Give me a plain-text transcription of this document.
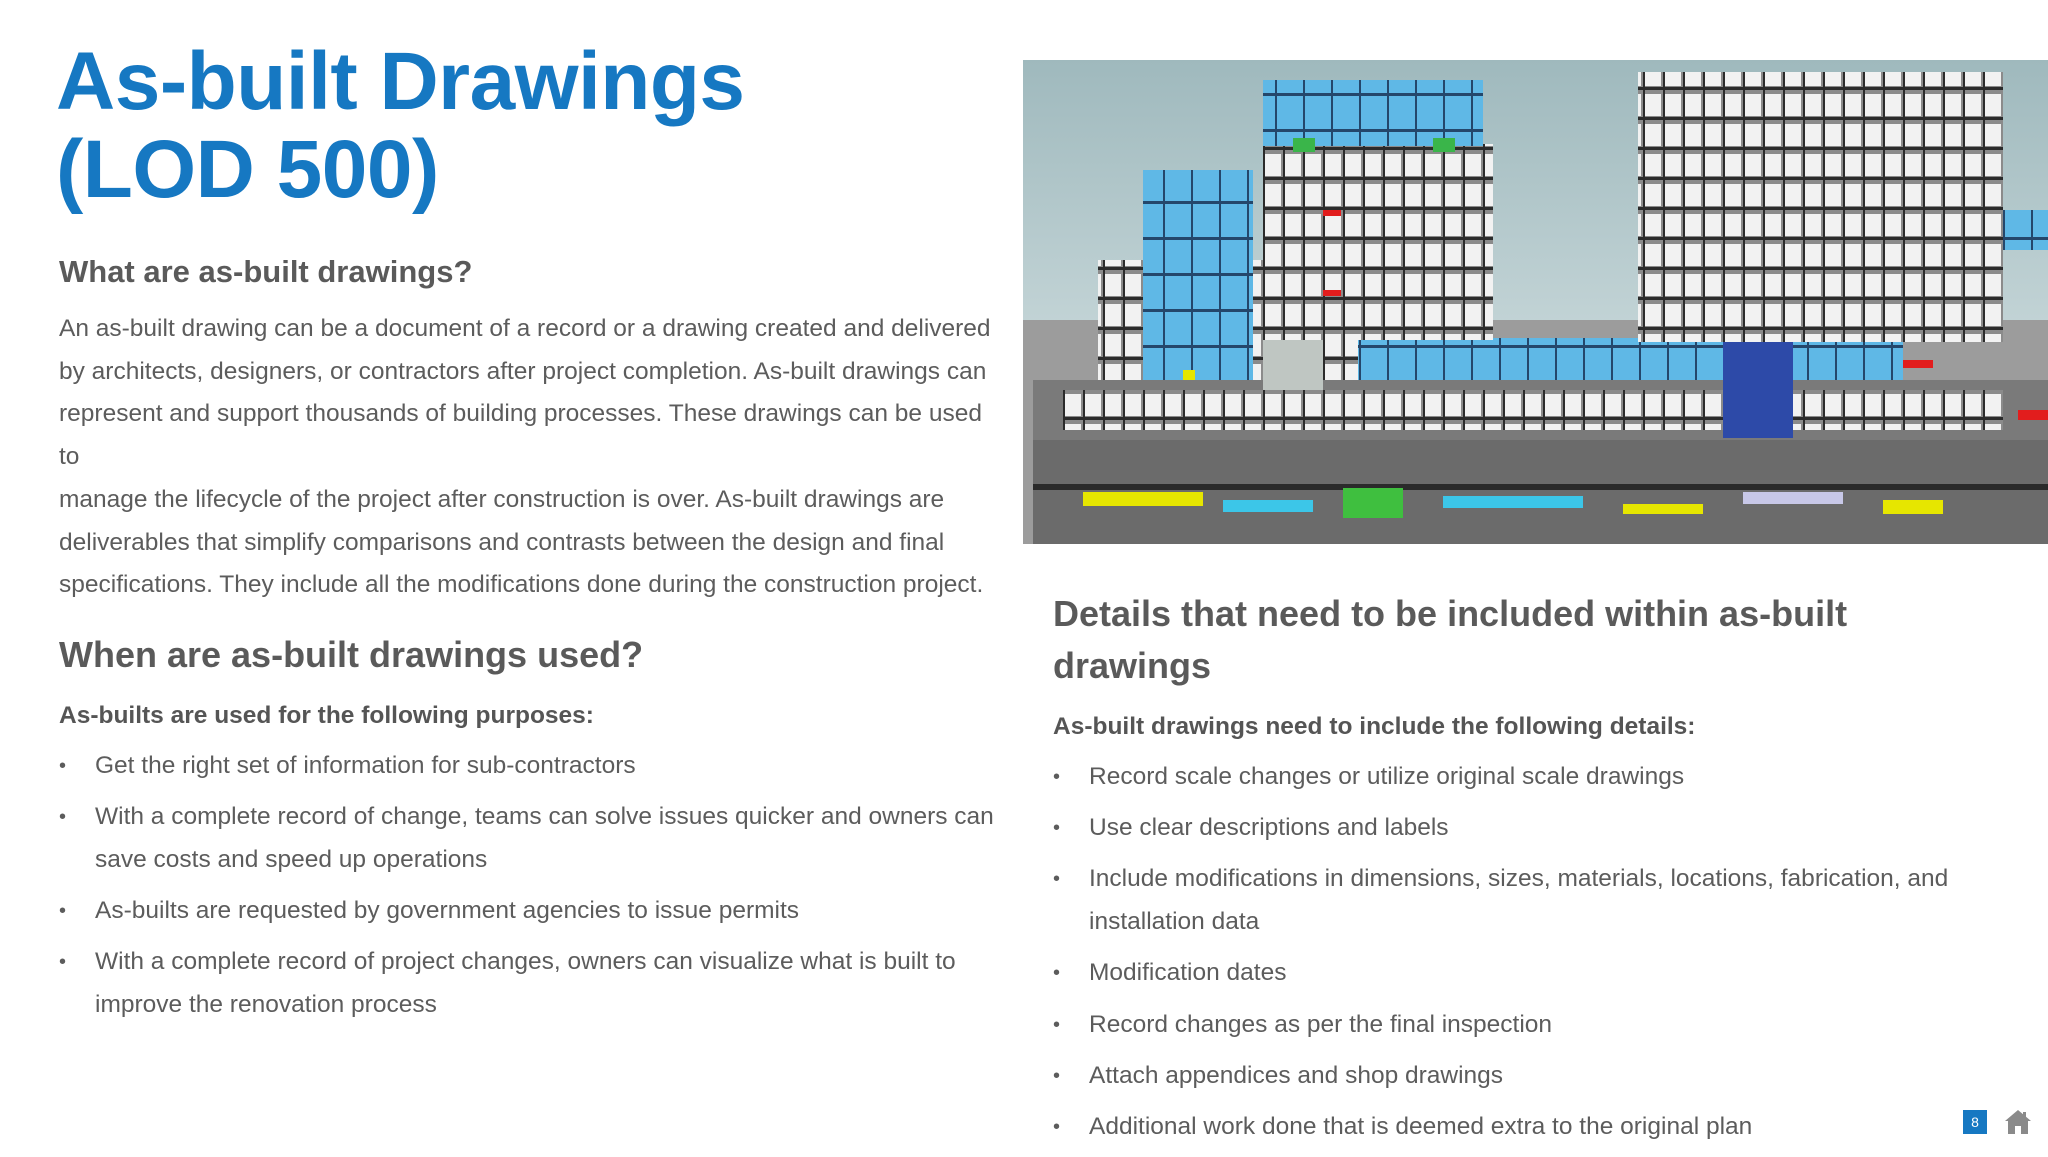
As-built Drawings
(LOD 500)
What are as-built drawings?

An as-built drawing can be a document of a record or a drawing created and delivered
by architects, designers, or contractors after project completion. As-built drawings can
represent and support thousands of building processes. These drawings can be used to
manage the lifecycle of the project after construction is over. As-built drawings are
deliverables that simplify comparisons and contrasts between the design and final
specifications. They include all the modifications done during the construction project.

When are as-built drawings used?

As-builts are used for the following purposes:

•	Get the right set of information for sub-contractors
•	With a complete record of change, teams can solve issues quicker and owners can
save costs and speed up operations
•	As-builts are requested by government agencies to issue permits
•	With a complete record of project changes, owners can visualize what is built to
improve the renovation process
Details that need to be included within as-built drawings

As-built drawings need to include the following details:

•	Record scale changes or utilize original scale drawings
•	Use clear descriptions and labels
•	Include modifications in dimensions, sizes, materials, locations, fabrication, and
installation data
•	Modification dates
•	Record changes as per the final inspection
•	Attach appendices and shop drawings
•	Additional work done that is deemed extra to the original plan	8
